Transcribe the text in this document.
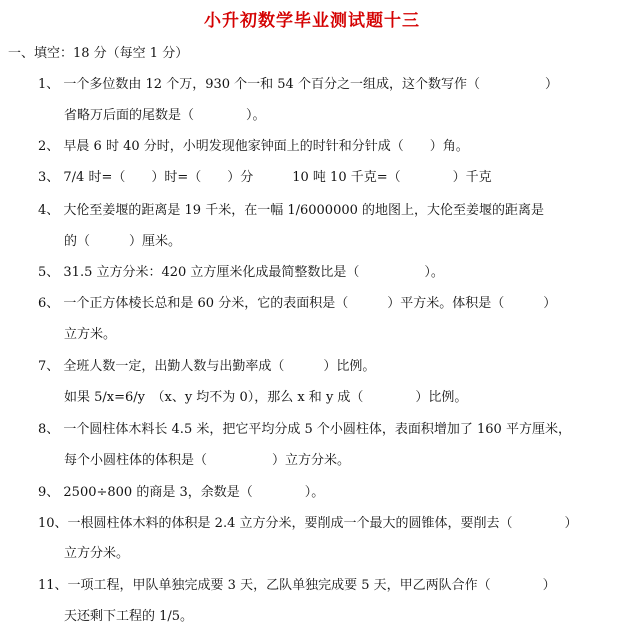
小升初数学毕业测试题十三
一、填空：18 分（每空 1 分）
1、 一个多位数由 12 个万，930 个一和 54 个百分之一组成，这个数写作（　　　　　）
省略万后面的尾数是（　　　　）。
2、 早晨 6 时 40 分时，小明发现他家钟面上的时针和分针成（　　）角。
3、 7/4 时=（　　）时=（　　）分　　　10 吨 10 千克=（　　　　）千克
4、 大伦至姜堰的距离是 19 千米，在一幅 1/6000000 的地图上，大伦至姜堰的距离是
的（　　　）厘米。
5、 31.5 立方分米：420 立方厘米化成最简整数比是（　　　　　）。
6、 一个正方体棱长总和是 60 分米，它的表面积是（　　　）平方米。体积是（　　　）
立方米。
7、 全班人数一定，出勤人数与出勤率成（　　　）比例。
如果 5/x=6/y　（x、y 均不为 0），那么 x 和 y 成（　　　　）比例。
8、 一个圆柱体木料长 4.5 米，把它平均分成 5 个小圆柱体，表面积增加了 160 平方厘米，
每个小圆柱体的体积是（　　　　　）立方分米。
9、 2500÷800 的商是 3，余数是（　　　　）。
10、一根圆柱体木料的体积是 2.4 立方分米，要削成一个最大的圆锥体，要削去（　　　　）
立方分米。
11、一项工程，甲队单独完成要 3 天，乙队单独完成要 5 天，甲乙两队合作（　　　　）
天还剩下工程的 1/5。
